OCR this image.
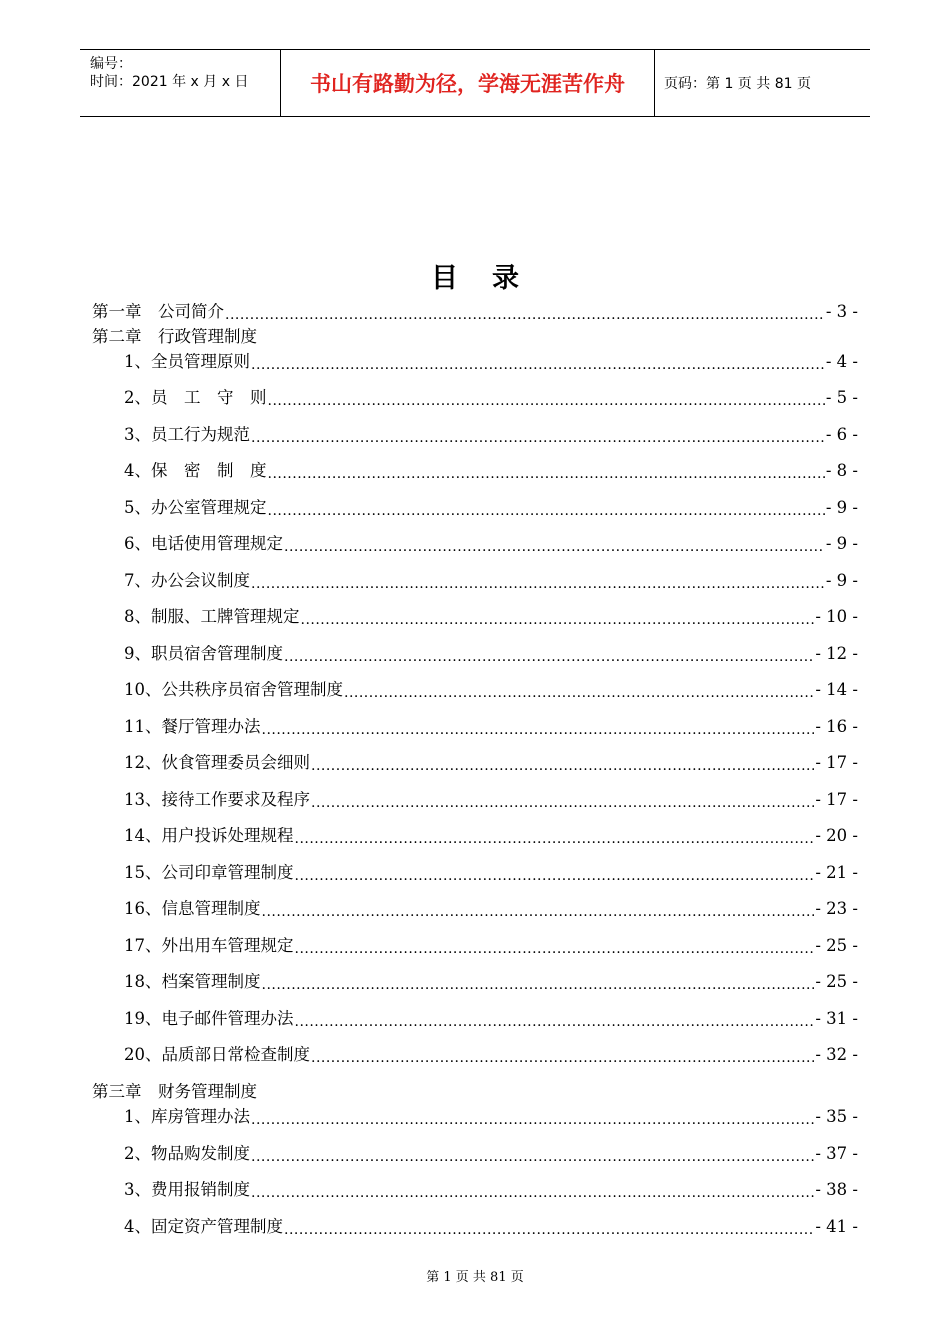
编号：
时间：2021 年 x 月 x 日	书山有路勤为径，学海无涯苦作舟	页码：第 1 页 共 81 页
目录
第一章　公司简介 .....	- 3 -
第二章　行政管理制度
1、全员管理原则 .....	- 4 -
2、员　工　守　则 .....	- 5 -
3、员工行为规范 .....	- 6 -
4、保　密　制　度 .....	- 8 -
5、办公室管理规定 .....	- 9 -
6、电话使用管理规定 .....	- 9 -
7、办公会议制度 .....	- 9 -
8、制服、工牌管理规定 .....	- 10 -
9、职员宿舍管理制度 .....	- 12 -
10、公共秩序员宿舍管理制度 .....	- 14 -
11、餐厅管理办法 .....	- 16 -
12、伙食管理委员会细则 .....	- 17 -
13、接待工作要求及程序 .....	- 17 -
14、用户投诉处理规程 .....	- 20 -
15、公司印章管理制度 .....	- 21 -
16、信息管理制度 .....	- 23 -
17、外出用车管理规定 .....	- 25 -
18、档案管理制度 .....	- 25 -
19、电子邮件管理办法 .....	- 31 -
20、品质部日常检查制度 .....	- 32 -
第三章　财务管理制度
1、库房管理办法 .....	- 35 -
2、物品购发制度 .....	- 37 -
3、费用报销制度 .....	- 38 -
4、固定资产管理制度 .....	- 41 -
第 1 页 共 81 页
